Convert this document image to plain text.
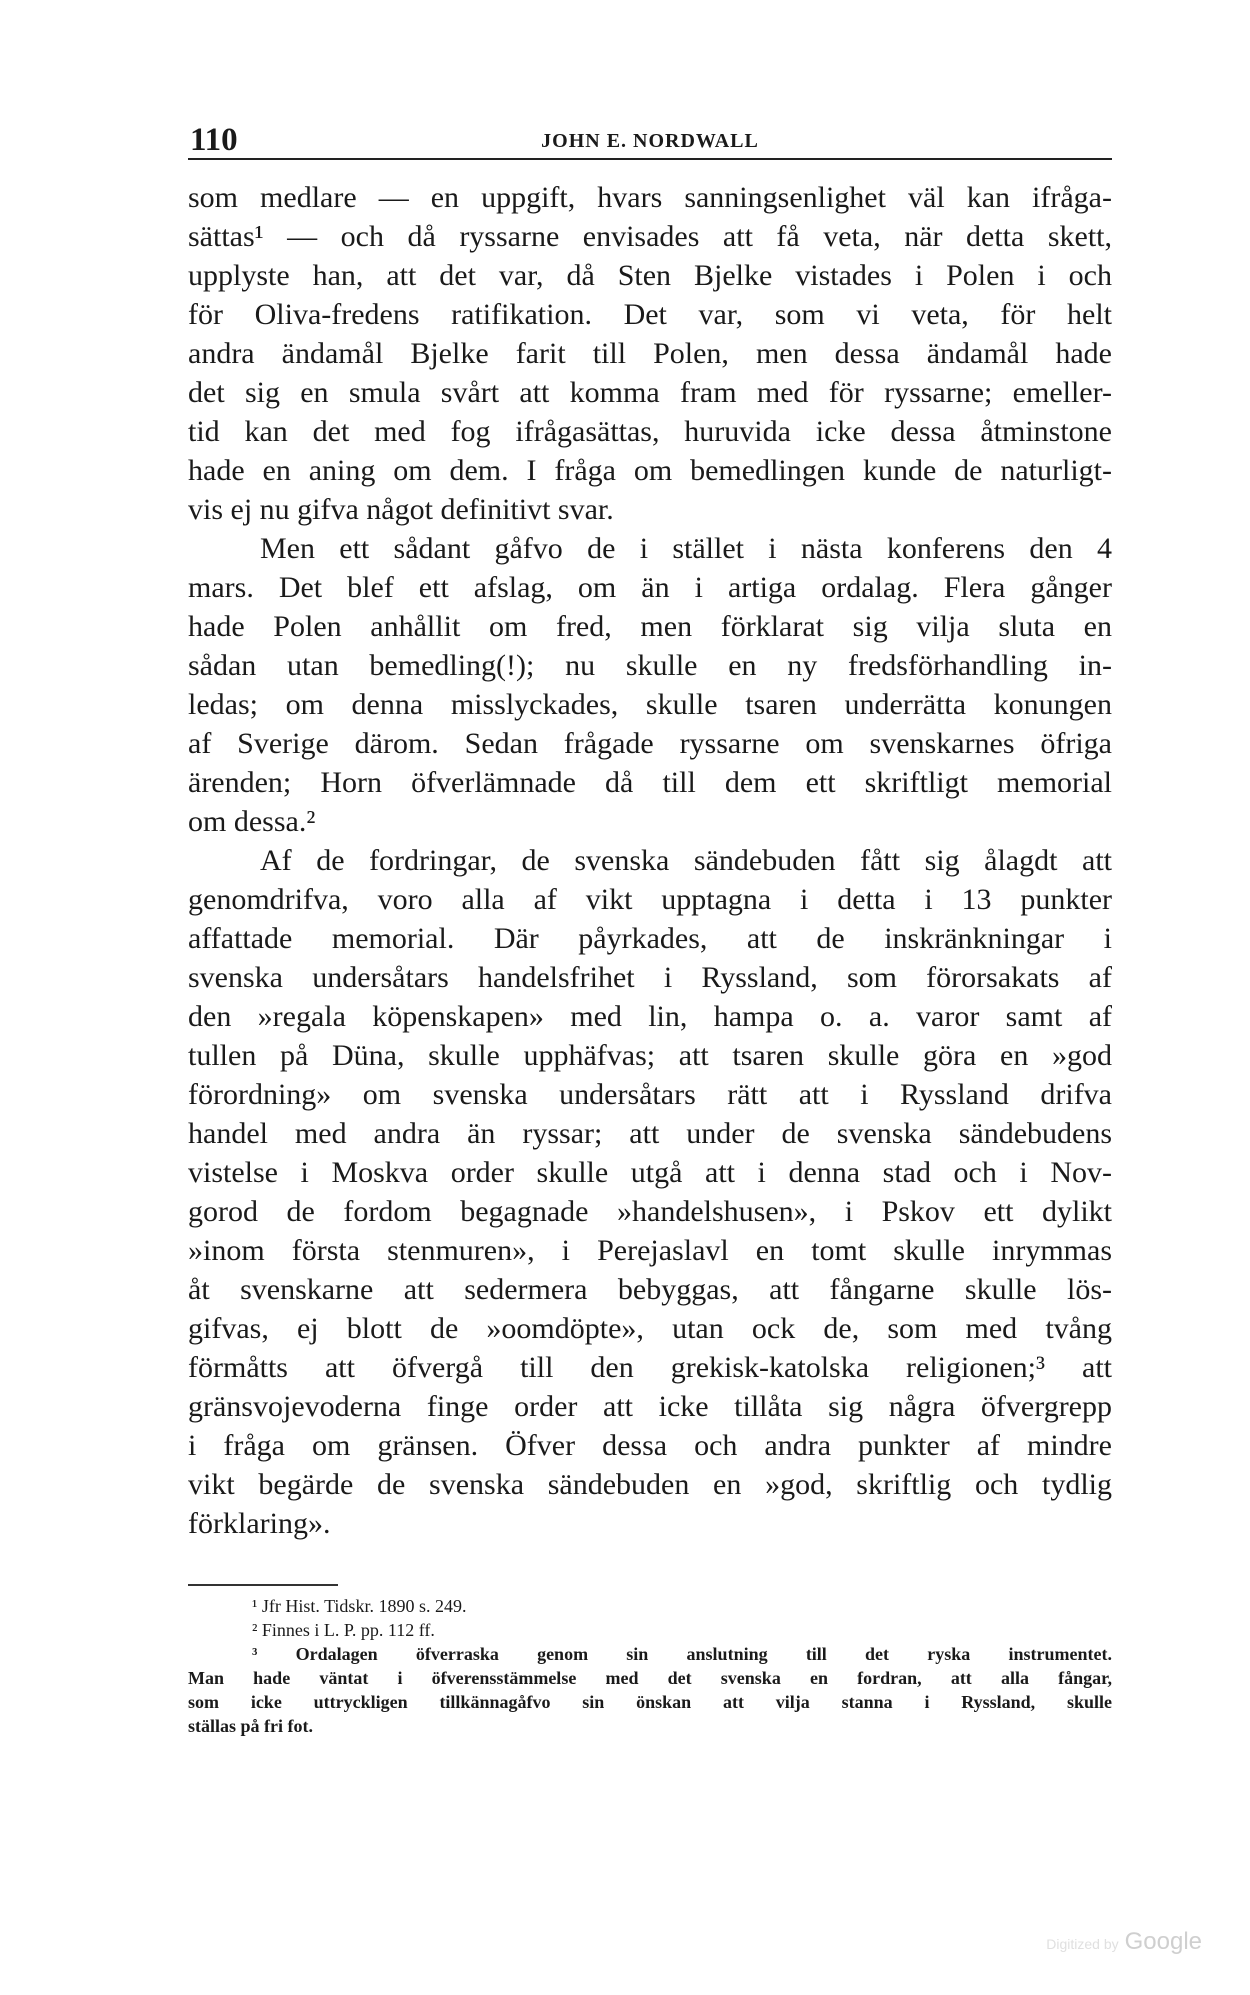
110	JOHN E. NORDWALL
som medlare — en uppgift, hvars sanningsenlighet väl kan ifråga-
sättas¹ — och då ryssarne envisades att få veta, när detta skett,
upplyste han, att det var, då Sten Bjelke vistades i Polen i och
för Oliva-fredens ratifikation. Det var, som vi veta, för helt
andra ändamål Bjelke farit till Polen, men dessa ändamål hade
det sig en smula svårt att komma fram med för ryssarne; emeller-
tid kan det med fog ifrågasättas, huruvida icke dessa åtminstone
hade en aning om dem. I fråga om bemedlingen kunde de naturligt-
vis ej nu gifva något definitivt svar.
Men ett sådant gåfvo de i stället i nästa konferens den 4
mars. Det blef ett afslag, om än i artiga ordalag. Flera gånger
hade Polen anhållit om fred, men förklarat sig vilja sluta en
sådan utan bemedling(!); nu skulle en ny fredsförhandling in-
ledas; om denna misslyckades, skulle tsaren underrätta konungen
af Sverige därom. Sedan frågade ryssarne om svenskarnes öfriga
ärenden; Horn öfverlämnade då till dem ett skriftligt memorial
om dessa.²
Af de fordringar, de svenska sändebuden fått sig ålagdt att
genomdrifva, voro alla af vikt upptagna i detta i 13 punkter
affattade memorial. Där påyrkades, att de inskränkningar i
svenska undersåtars handelsfrihet i Ryssland, som förorsakats af
den »regala köpenskapen» med lin, hampa o. a. varor samt af
tullen på Düna, skulle upphäfvas; att tsaren skulle göra en »god
förordning» om svenska undersåtars rätt att i Ryssland drifva
handel med andra än ryssar; att under de svenska sändebudens
vistelse i Moskva order skulle utgå att i denna stad och i Nov-
gorod de fordom begagnade »handelshusen», i Pskov ett dylikt
»inom första stenmuren», i Perejaslavl en tomt skulle inrymmas
åt svenskarne att sedermera bebyggas, att fångarne skulle lös-
gifvas, ej blott de »oomdöpte», utan ock de, som med tvång
förmåtts att öfvergå till den grekisk-katolska religionen;³ att
gränsvojevoderna finge order att icke tillåta sig några öfvergrepp
i fråga om gränsen. Öfver dessa och andra punkter af mindre
vikt begärde de svenska sändebuden en »god, skriftlig och tydlig
förklaring».
¹ Jfr Hist. Tidskr. 1890 s. 249.
² Finnes i L. P. pp. 112 ff.
³ Ordalagen öfverraska genom sin anslutning till det ryska instrumentet.
Man hade väntat i öfverensstämmelse med det svenska en fordran, att alla fångar,
som icke uttryckligen tillkännagåfvo sin önskan att vilja stanna i Ryssland, skulle
ställas på fri fot.
Digitized by Google
